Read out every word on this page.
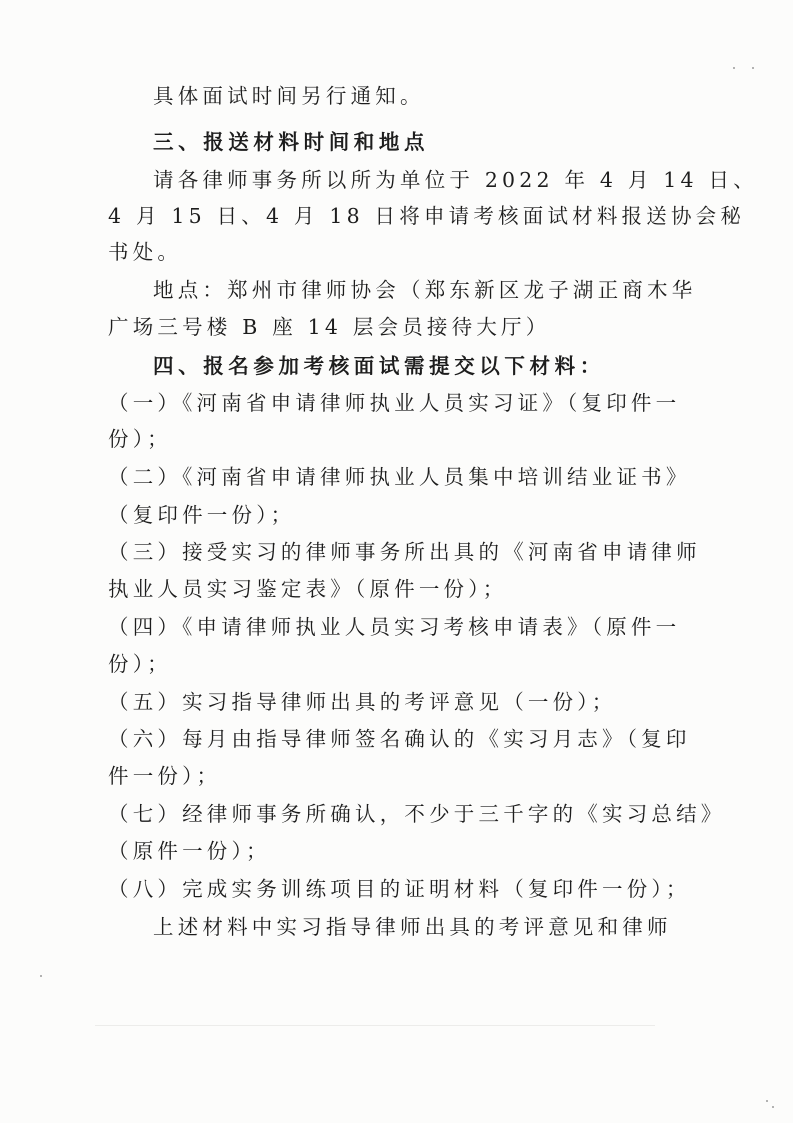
具体面试时间另行通知。
三、报送材料时间和地点
请各律师事务所以所为单位于 2022 年 4 月 14 日、
4 月 15 日、4 月 18 日将申请考核面试材料报送协会秘
书处。
地点：郑州市律师协会（郑东新区龙子湖正商木华
广场三号楼 B 座 14 层会员接待大厅）
四、报名参加考核面试需提交以下材料：
（一）《河南省申请律师执业人员实习证》（复印件一
份）；
（二）《河南省申请律师执业人员集中培训结业证书》
（复印件一份）；
（三）接受实习的律师事务所出具的《河南省申请律师
执业人员实习鉴定表》（原件一份）；
（四）《申请律师执业人员实习考核申请表》（原件一
份）；
（五）实习指导律师出具的考评意见（一份）；
（六）每月由指导律师签名确认的《实习月志》（复印
件一份）；
（七）经律师事务所确认，不少于三千字的《实习总结》
（原件一份）；
（八）完成实务训练项目的证明材料（复印件一份）；
上述材料中实习指导律师出具的考评意见和律师
